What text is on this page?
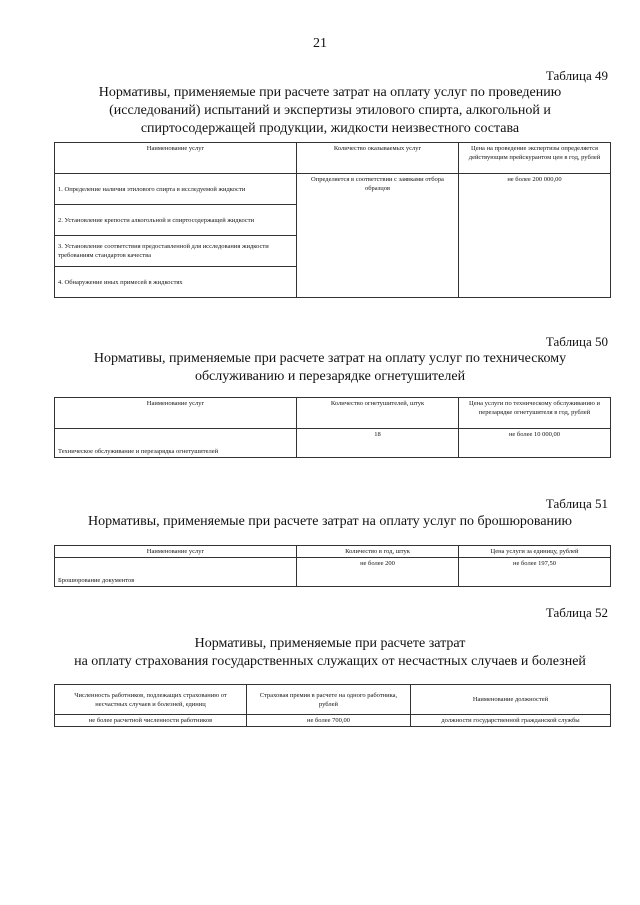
21
Таблица 49
Нормативы, применяемые при расчете затрат на оплату услуг по проведению
(исследований) испытаний и экспертизы этилового спирта, алкогольной и
спиртосодержащей продукции, жидкости неизвестного состава
Наименование услуг	Количество оказываемых услуг	Цена на проведение экспертизы определяется действующим прейскурантом цен в год, рублей
1. Определение наличия этилового спирта в исследуемой жидкости	Определяется в соответствии с заявками отбора образцов	не более 200 000,00
2. Установление крепости алкогольной и спиртосодержащей жидкости		
3. Установление соответствия предоставленной для исследования жидкости требованиям стандартов качества		
4. Обнаружение иных примесей в жидкостях		
Таблица 50
Нормативы, применяемые при расчете затрат на оплату услуг по техническому
обслуживанию и перезарядке огнетушителей
Наименование услуг	Количество огнетушителей, штук	Цена услуги по техническому обслуживанию и перезарядке огнетушителя в год, рублей
Техническое обслуживание и перезарядка огнетушителей	18	не более 10 000,00
Таблица 51
Нормативы, применяемые при расчете затрат на оплату услуг по брошюрованию
Наименование услуг	Количество в год, штук	Цена услуги за единицу, рублей
Брошюрование документов	не более 200	не более 197,50
Таблица 52
Нормативы, применяемые при расчете затрат
на оплату страхования государственных служащих от несчастных случаев и болезней
Численность работников, подлежащих страхованию от несчастных случаев и болезней, единиц	Страховая премия в расчете на одного работника, рублей	Наименование должностей
не более расчетной численности работников	не более 700,00	должности государственной гражданской службы
